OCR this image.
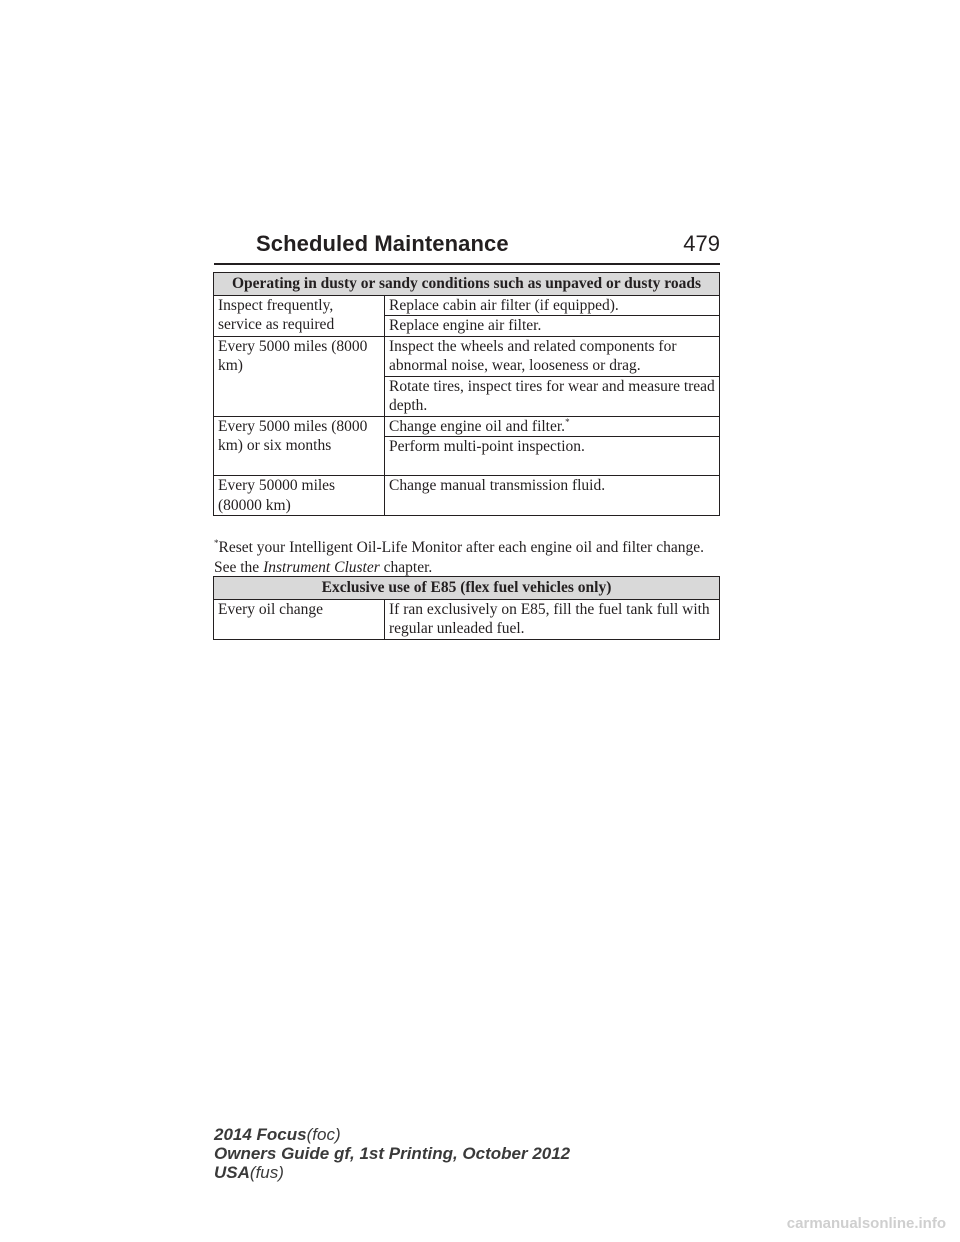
Scheduled Maintenance	479
Operating in dusty or sandy conditions such as unpaved or dusty roads	
Inspect frequently, service as required	Replace cabin air filter (if equipped).
	Replace engine air filter.
Every 5000 miles (8000 km)	Inspect the wheels and related components for abnormal noise, wear, looseness or drag.
	Rotate tires, inspect tires for wear and measure tread depth.
Every 5000 miles (8000 km) or six months	Change engine oil and filter.*
	Perform multi-point inspection.
Every 50000 miles (80000 km)	Change manual transmission fluid.
*Reset your Intelligent Oil-Life Monitor after each engine oil and filter change. See the Instrument Cluster chapter.
Exclusive use of E85 (flex fuel vehicles only)
Every oil change	If ran exclusively on E85, fill the fuel tank full with regular unleaded fuel.
2014 Focus(foc)
Owners Guide gf, 1st Printing, October 2012
USA(fus)
carmanualsonline.info
